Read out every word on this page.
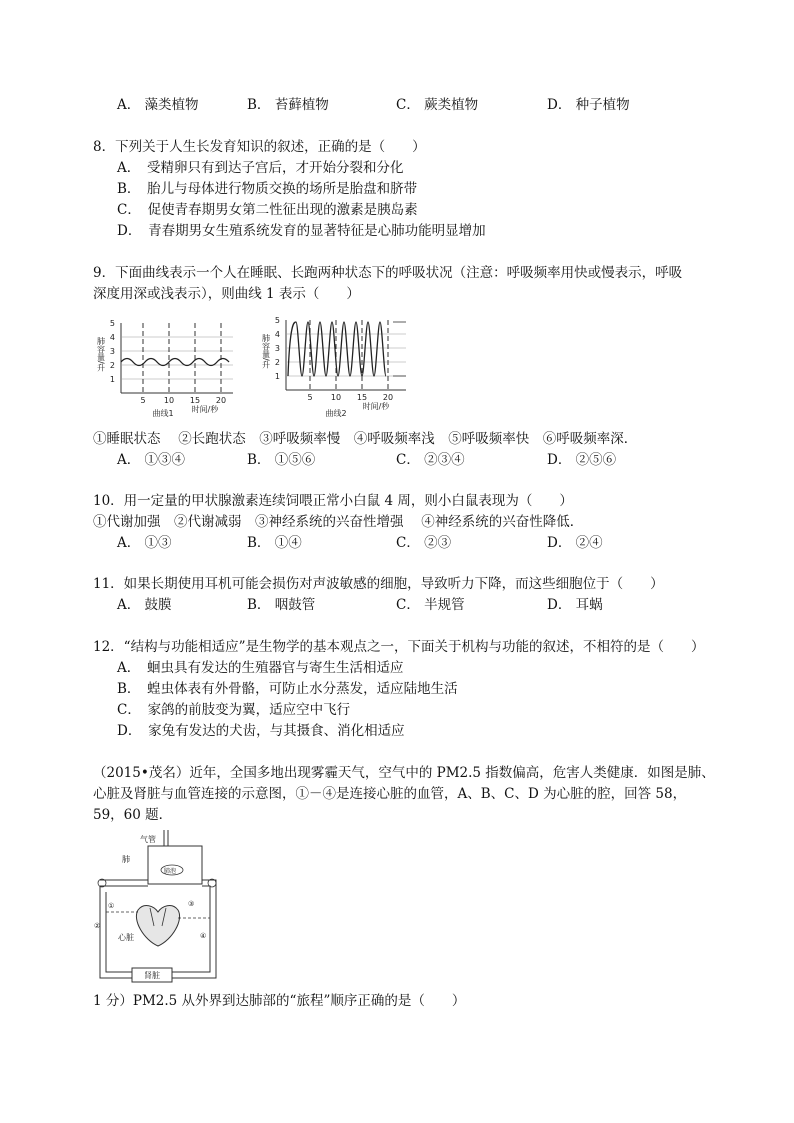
A． 藻类植物	B． 苔藓植物	C． 蕨类植物	D． 种子植物
8．下列关于人生长发育知识的叙述，正确的是（　　）
A．　受精卵只有到达子宫后，才开始分裂和分化
B．　胎儿与母体进行物质交换的场所是胎盘和脐带
C．　促使青春期男女第二性征出现的激素是胰岛素
D．　青春期男女生殖系统发育的显著特征是心肺功能明显增加
9．下面曲线表示一个人在睡眠、长跑两种状态下的呼吸状况（注意：呼吸频率用快或慢表示，呼吸
深度用深或浅表示），则曲线 1 表示（　　）
5
4
3
2
1
5 10 15 20
肺容量/升
时间/秒
曲线1
5
4
3
2
1
5 10 15 20
肺容量/升
时间/秒
曲线2
①睡眠状态　 ②长跑状态　③呼吸频率慢　④呼吸频率浅　⑤呼吸频率快　⑥呼吸频率深．
A． ①③④	B． ①⑤⑥	C． ②③④	D． ②⑤⑥
10．用一定量的甲状腺激素连续饲喂正常小白鼠 4 周，则小白鼠表现为（　　）
①代谢加强　②代谢减弱　③神经系统的兴奋性增强　 ④神经系统的兴奋性降低．
A． ①③	B． ①④	C． ②③	D． ②④
11．如果长期使用耳机可能会损伤对声波敏感的细胞，导致听力下降，而这些细胞位于（　　）
A． 鼓膜	B． 咽鼓管	C． 半规管	D． 耳蜗
12．“结构与功能相适应”是生物学的基本观点之一，下面关于机构与功能的叙述，不相符的是（　　）
A．　蛔虫具有发达的生殖器官与寄生生活相适应
B．　蝗虫体表有外骨骼，可防止水分蒸发，适应陆地生活
C．　家鸽的前肢变为翼，适应空中飞行
D．　家兔有发达的犬齿，与其摄食、消化相适应
（2015•茂名）近年，全国多地出现雾霾天气，空气中的 PM2.5 指数偏高，危害人类健康．如图是肺、
心脏及肾脏与血管连接的示意图，①－④是连接心脏的血管，A、B、C、D 为心脏的腔，回答 58，
59，60 题．
气管
肺
肺泡
心脏
肾脏
①
②
③
④
1 分）PM2.5 从外界到达肺部的“旅程”顺序正确的是（　　）
